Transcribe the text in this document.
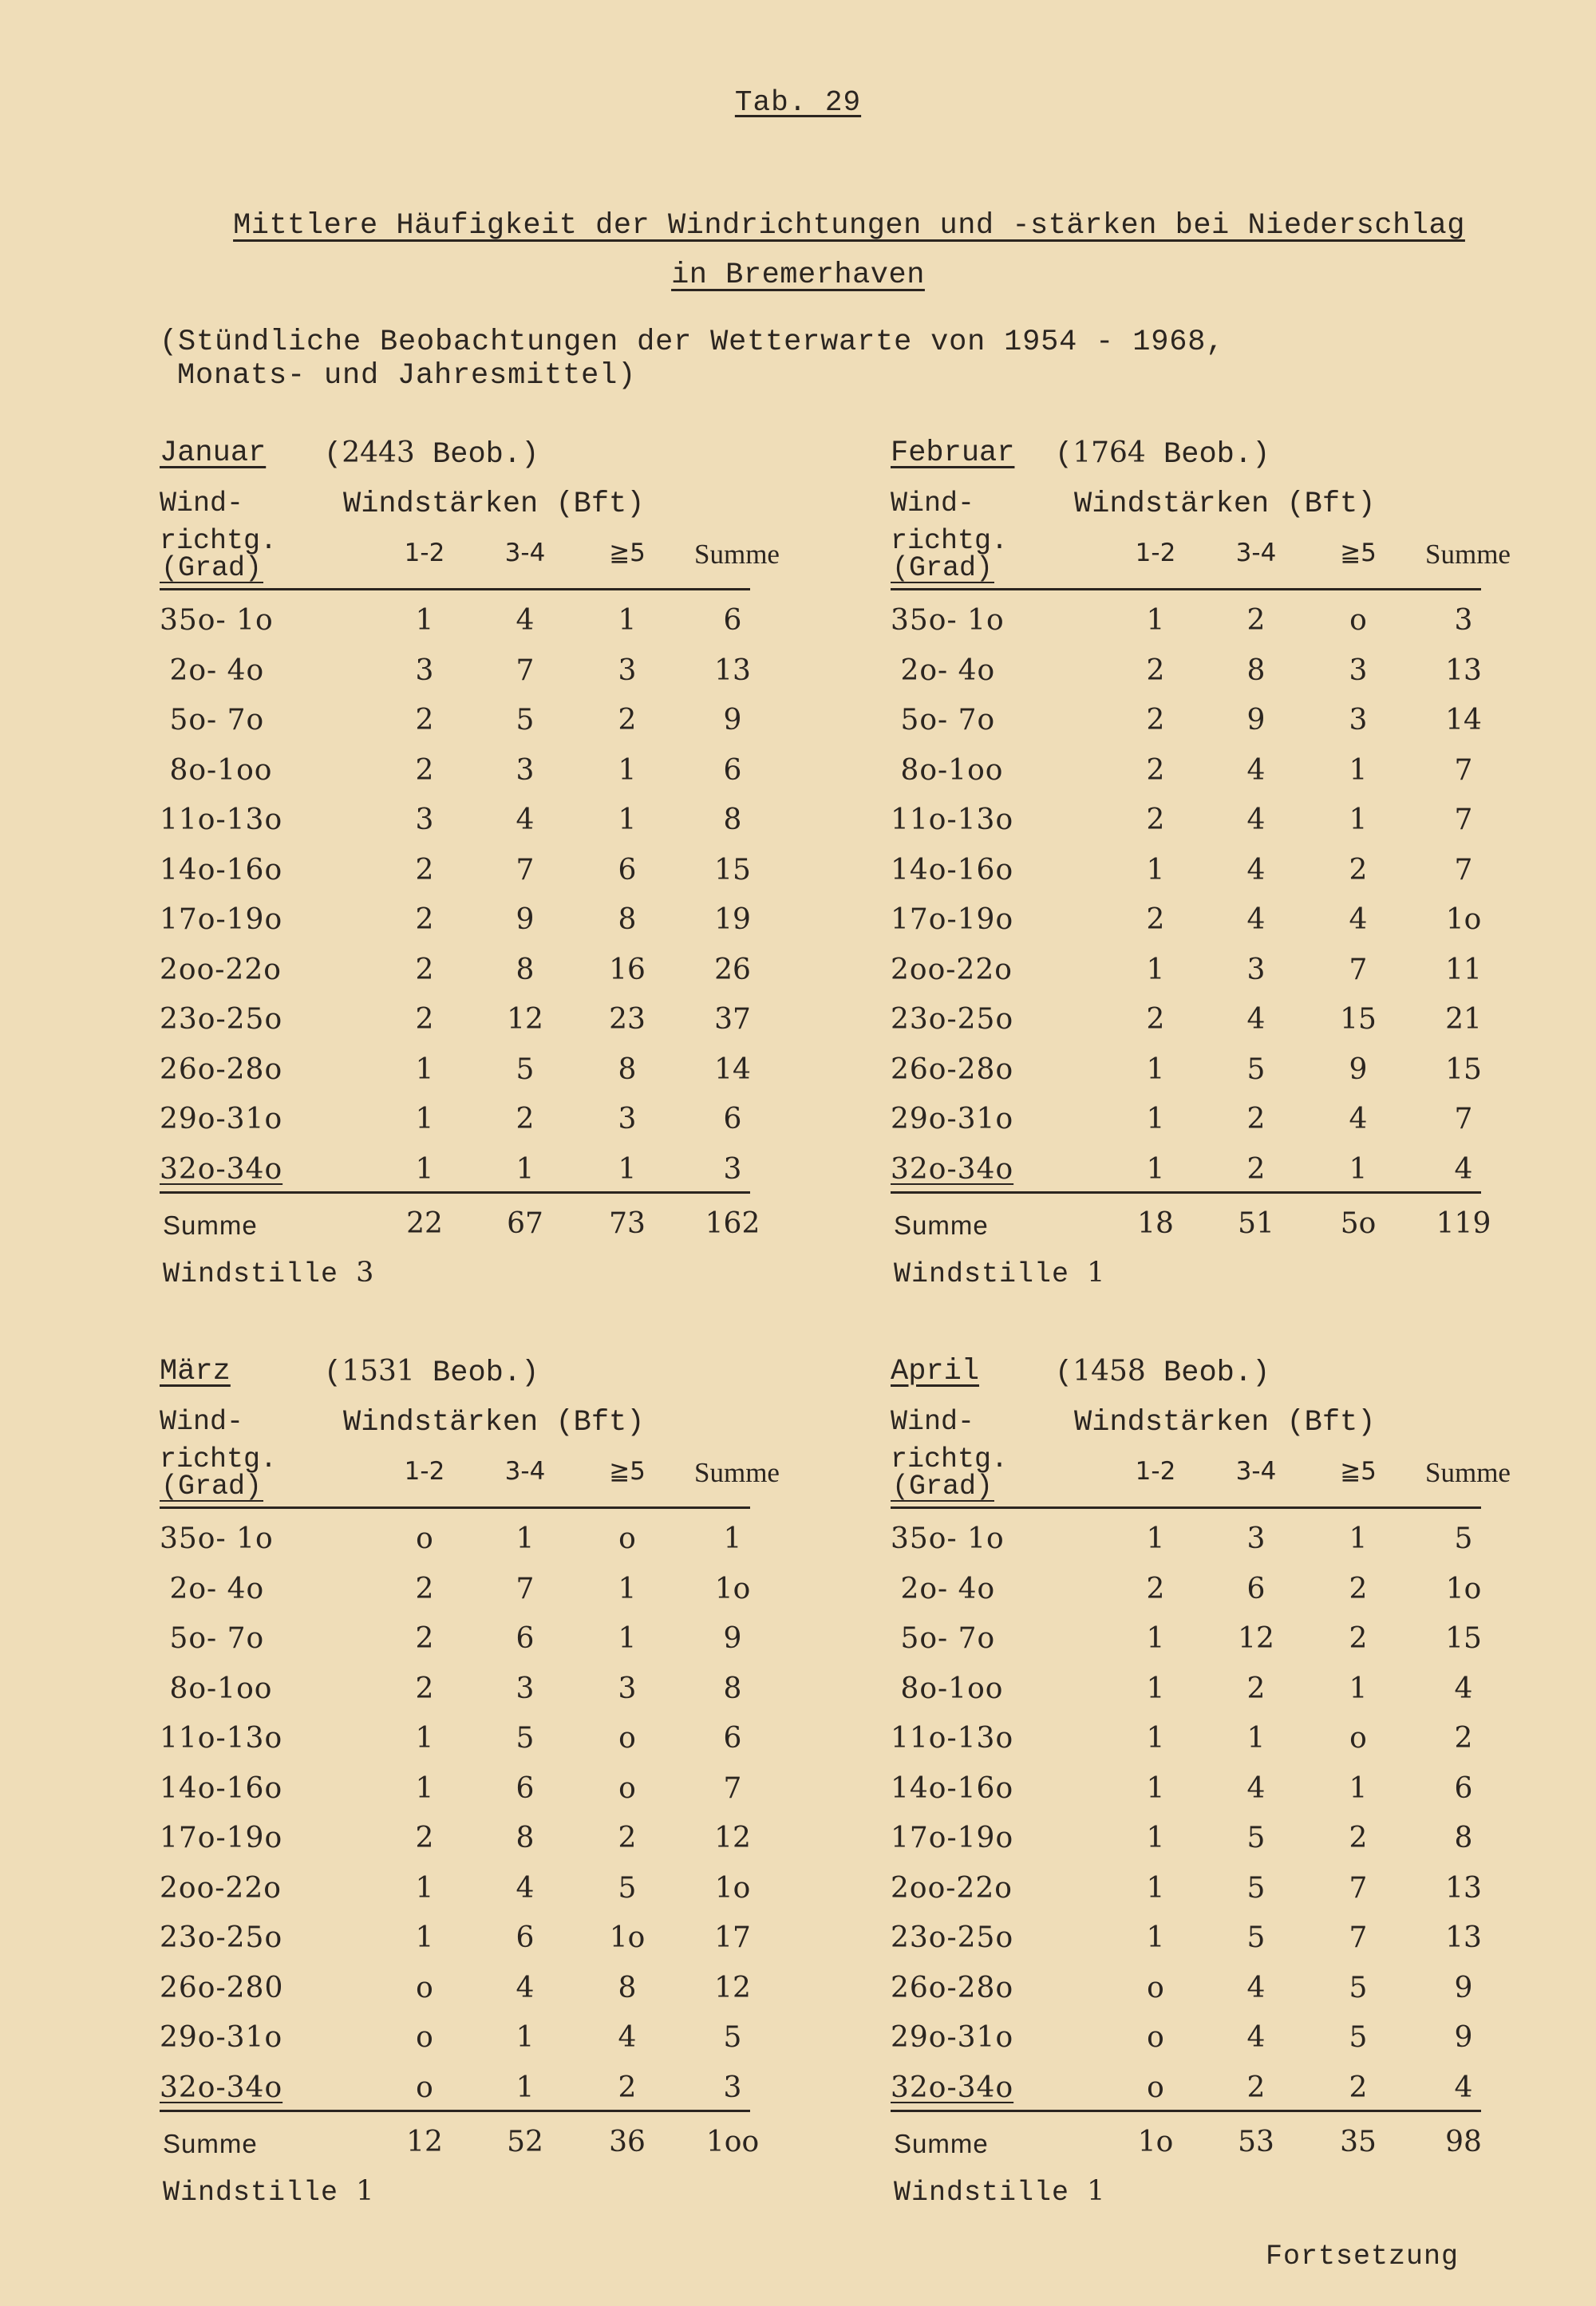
Tab. 29
Mittlere Häufigkeit der Windrichtungen und -stärken bei Niederschlag
in Bremerhaven
(Stündliche Beobachtungen der Wetterwarte von 1954 - 1968,
Monats- und Jahresmittel)
Januar (2443 Beob.)
Wind-
richtg.
(Grad)
Windstärken (Bft)
1-2	3-4	≧5	Summe
35o- 1o	1	4	1	6
2o- 4o	3	7	3	13
5o- 7o	2	5	2	9
8o-1oo	2	3	1	6
11o-13o	3	4	1	8
14o-16o	2	7	6	15
17o-19o	2	9	8	19
2oo-22o	2	8	16	26
23o-25o	2	12	23	37
26o-28o	1	5	8	14
29o-31o	1	2	3	6
32o-34o	1	1	1	3
Summe	22	67	73	162
Windstille 3
Februar (1764 Beob.)
Wind-
richtg.
(Grad)
Windstärken (Bft)
1-2	3-4	≧5	Summe
35o- 1o	1	2	o	3
2o- 4o	2	8	3	13
5o- 7o	2	9	3	14
8o-1oo	2	4	1	7
11o-13o	2	4	1	7
14o-16o	1	4	2	7
17o-19o	2	4	4	1o
2oo-22o	1	3	7	11
23o-25o	2	4	15	21
26o-28o	1	5	9	15
29o-31o	1	2	4	7
32o-34o	1	2	1	4
Summe	18	51	5o	119
Windstille 1
März	(1531 Beob.)
Wind-
richtg.
(Grad)
Windstärken (Bft)
1-2	3-4	≧5	Summe
35o- 1o	o	1	o	1
2o- 4o	2	7	1	1o
5o- 7o	2	6	1	9
8o-1oo	2	3	3	8
11o-13o	1	5	o	6
14o-16o	1	6	o	7
17o-19o	2	8	2	12
2oo-22o	1	4	5	1o
23o-25o	1	6	1o	17
26o-280	o	4	8	12
29o-31o	o	1	4	5
32o-34o	o	1	2	3
Summe	12	52	36	1oo
Windstille 1
April	(1458 Beob.)
Wind-
richtg.
(Grad)
Windstärken (Bft)
1-2	3-4	≧5	Summe
35o- 1o	1	3	1	5
2o- 4o	2	6	2	1o
5o- 7o	1	12	2	15
8o-1oo	1	2	1	4
11o-13o	1	1	o	2
14o-16o	1	4	1	6
17o-19o	1	5	2	8
2oo-22o	1	5	7	13
23o-25o	1	5	7	13
26o-28o	o	4	5	9
29o-31o	o	4	5	9
32o-34o	o	2	2	4
Summe	1o	53	35	98
Windstille 1
Fortsetzung
